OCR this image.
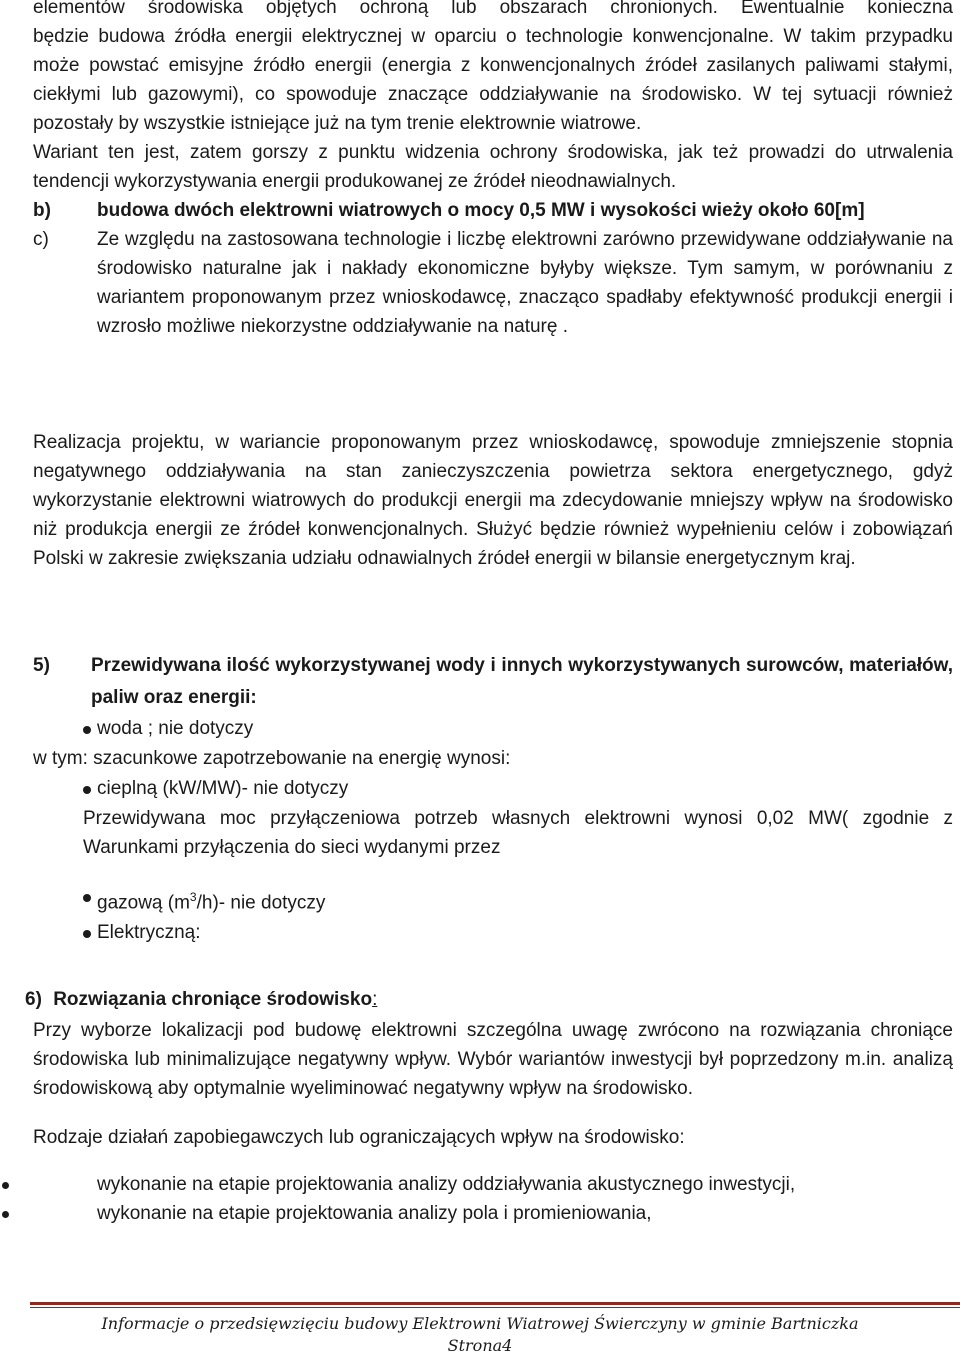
elementów środowiska objętych ochroną lub obszarach chronionych. Ewentualnie konieczna

będzie budowa źródła energii elektrycznej w oparciu o technologie konwencjonalne. W takim przypadku może powstać emisyjne źródło energii (energia z konwencjonalnych źródeł zasilanych paliwami stałymi, ciekłymi lub gazowymi), co spowoduje znaczące oddziaływanie na środowisko. W tej sytuacji również pozostały by wszystkie istniejące już na tym trenie elektrownie wiatrowe.

Wariant ten jest, zatem gorszy z punktu widzenia ochrony środowiska, jak też prowadzi do utrwalenia tendencji wykorzystywania energii produkowanej ze źródeł nieodnawialnych.

b)	budowa dwóch elektrowni wiatrowych o mocy 0,5 MW i wysokości wieży około 60[m]
c)	Ze względu na zastosowana technologie i liczbę elektrowni zarówno przewidywane oddziaływanie na środowisko naturalne jak i nakłady ekonomiczne byłyby większe. Tym samym, w porównaniu z wariantem proponowanym przez wnioskodawcę, znacząco spadłaby efektywność produkcji energii i wzrosło możliwe niekorzystne oddziaływanie na naturę .

Realizacja projektu, w wariancie proponowanym przez wnioskodawcę, spowoduje zmniejszenie stopnia negatywnego oddziaływania na stan zanieczyszczenia powietrza sektora energetycznego, gdyż wykorzystanie elektrowni wiatrowych do produkcji energii ma zdecydowanie mniejszy wpływ na środowisko niż produkcja energii ze źródeł konwencjonalnych. Służyć będzie również wypełnieniu celów i zobowiązań Polski w zakresie zwiększania udziału odnawialnych źródeł energii w bilansie energetycznym kraj.

5)	Przewidywana ilość wykorzystywanej wody i innych wykorzystywanych surowców, materiałów, paliw oraz energii:
woda ; nie dotyczy
w tym: szacunkowe zapotrzebowanie na energię wynosi:
cieplną (kW/MW)- nie dotyczy

Przewidywana moc przyłączeniowa potrzeb własnych elektrowni wynosi 0,02 MW( zgodnie z Warunkami przyłączenia do sieci wydanymi przez

gazową $(m^3/h)-$ nie dotyczy
Elektryczną:
6) Rozwiązania chroniące środowisko:

Przy wyborze lokalizacji pod budowę elektrowni szczególna uwagę zwrócono na rozwiązania chroniące środowiska lub minimalizujące negatywny wpływ. Wybór wariantów inwestycji był poprzedzony m.in. analizą środowiskową aby optymalnie wyeliminować negatywny wpływ na środowisko.

Rodzaje działań zapobiegawczych lub ograniczających wpływ na środowisko:

wykonanie na etapie projektowania analizy oddziaływania akustycznego inwestycji,
wykonanie na etapie projektowania analizy pola i promieniowania,
Informacje o przedsięwzięciu budowy Elektrowni Wiatrowej Świerczyny w gminie Bartniczka
Strona4
